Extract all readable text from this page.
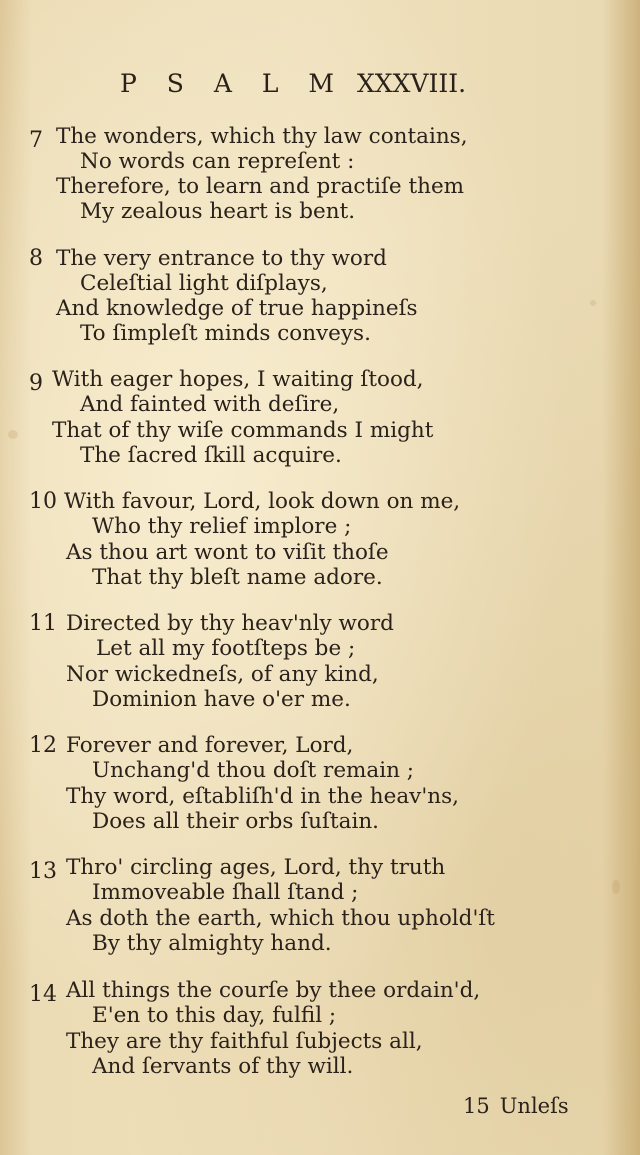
P S A L M XXXVIII.
7 The wonders, which thy law contains,
No words can repreſent :
Therefore, to learn and practiſe them
My zealous heart is bent.
8 The very entrance to thy word
Celeſtial light diſplays,
And knowledge of true happineſs
To ſimpleſt minds conveys.
9 With eager hopes, I waiting ſtood,
And fainted with deſire,
That of thy wiſe commands I might
The ſacred ſkill acquire.
10 With favour, Lord, look down on me,
Who thy relief implore ;
As thou art wont to viſit thoſe
That thy bleſt name adore.
11 Directed by thy heav'nly word
Let all my footſteps be ;
Nor wickedneſs, of any kind,
Dominion have o'er me.
12 Forever and forever, Lord,
Unchang'd thou doſt remain ;
Thy word, eſtabliſh'd in the heav'ns,
Does all their orbs ſuſtain.
13 Thro' circling ages, Lord, thy truth
Immoveable ſhall ſtand ;
As doth the earth, which thou uphold'ſt
By thy almighty hand.
14 All things the courſe by thee ordain'd,
E'en to this day, fulfil ;
They are thy faithful ſubjects all,
And ſervants of thy will.
15 Unleſs
